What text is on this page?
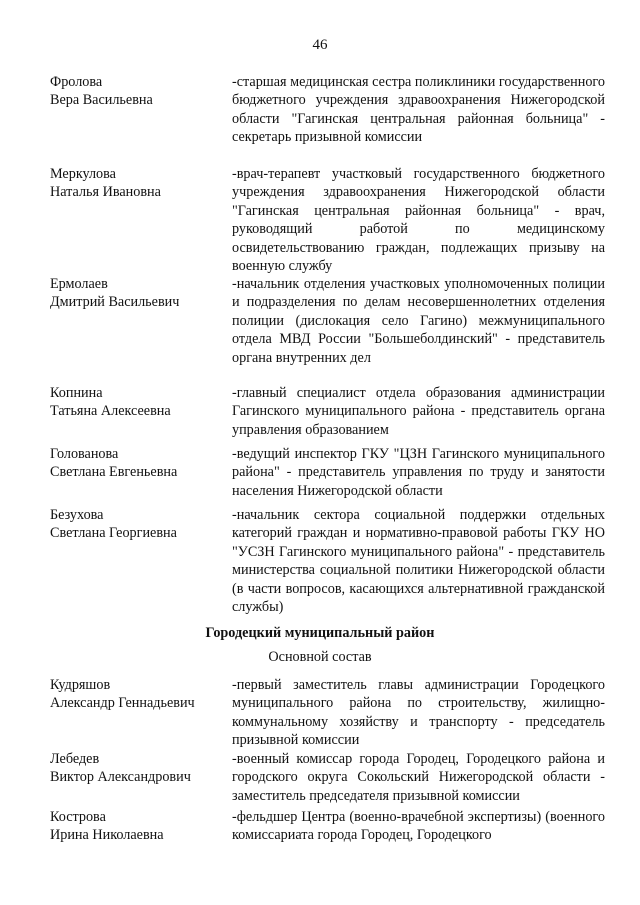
46
Фролова
Вера Васильевна
-старшая медицинская сестра поликлиники государственного бюджетного учреждения здравоохранения Нижегородской области "Гагинская центральная районная больница" - секретарь призывной комиссии
Меркулова
Наталья Ивановна
-врач-терапевт участковый государственного бюджетного учреждения здравоохранения Нижегородской области "Гагинская центральная районная больница" - врач, руководящий работой по медицинскому освидетельствованию граждан, подлежащих призыву на военную службу
Ермолаев
Дмитрий Васильевич
-начальник отделения участковых уполномоченных полиции и подразделения по делам несовершеннолетних отделения полиции (дислокация село Гагино) межмуниципального отдела МВД России "Большеболдинский" - представитель органа внутренних дел
Копнина
Татьяна Алексеевна
-главный специалист отдела образования администрации Гагинского муниципального района - представитель органа управления образованием
Голованова
Светлана Евгеньевна
-ведущий инспектор ГКУ "ЦЗН Гагинского муниципального района" - представитель управления по труду и занятости населения Нижегородской области
Безухова
Светлана Георгиевна
-начальник сектора социальной поддержки отдельных категорий граждан и нормативно-правовой работы ГКУ НО "УСЗН Гагинского муниципального района" - представитель министерства социальной политики Нижегородской области (в части вопросов, касающихся альтернативной гражданской службы)
Городецкий муниципальный район
Основной состав
Кудряшов
Александр Геннадьевич
-первый заместитель главы администрации Городецкого муниципального района по строительству, жилищно-коммунальному хозяйству и транспорту - председатель призывной комиссии
Лебедев
Виктор Александрович
-военный комиссар города Городец, Городецкого района и городского округа Сокольский Нижегородской области - заместитель председателя призывной комиссии
Кострова
Ирина Николаевна
-фельдшер Центра (военно-врачебной экспертизы) (военного комиссариата города Городец, Городецкого
